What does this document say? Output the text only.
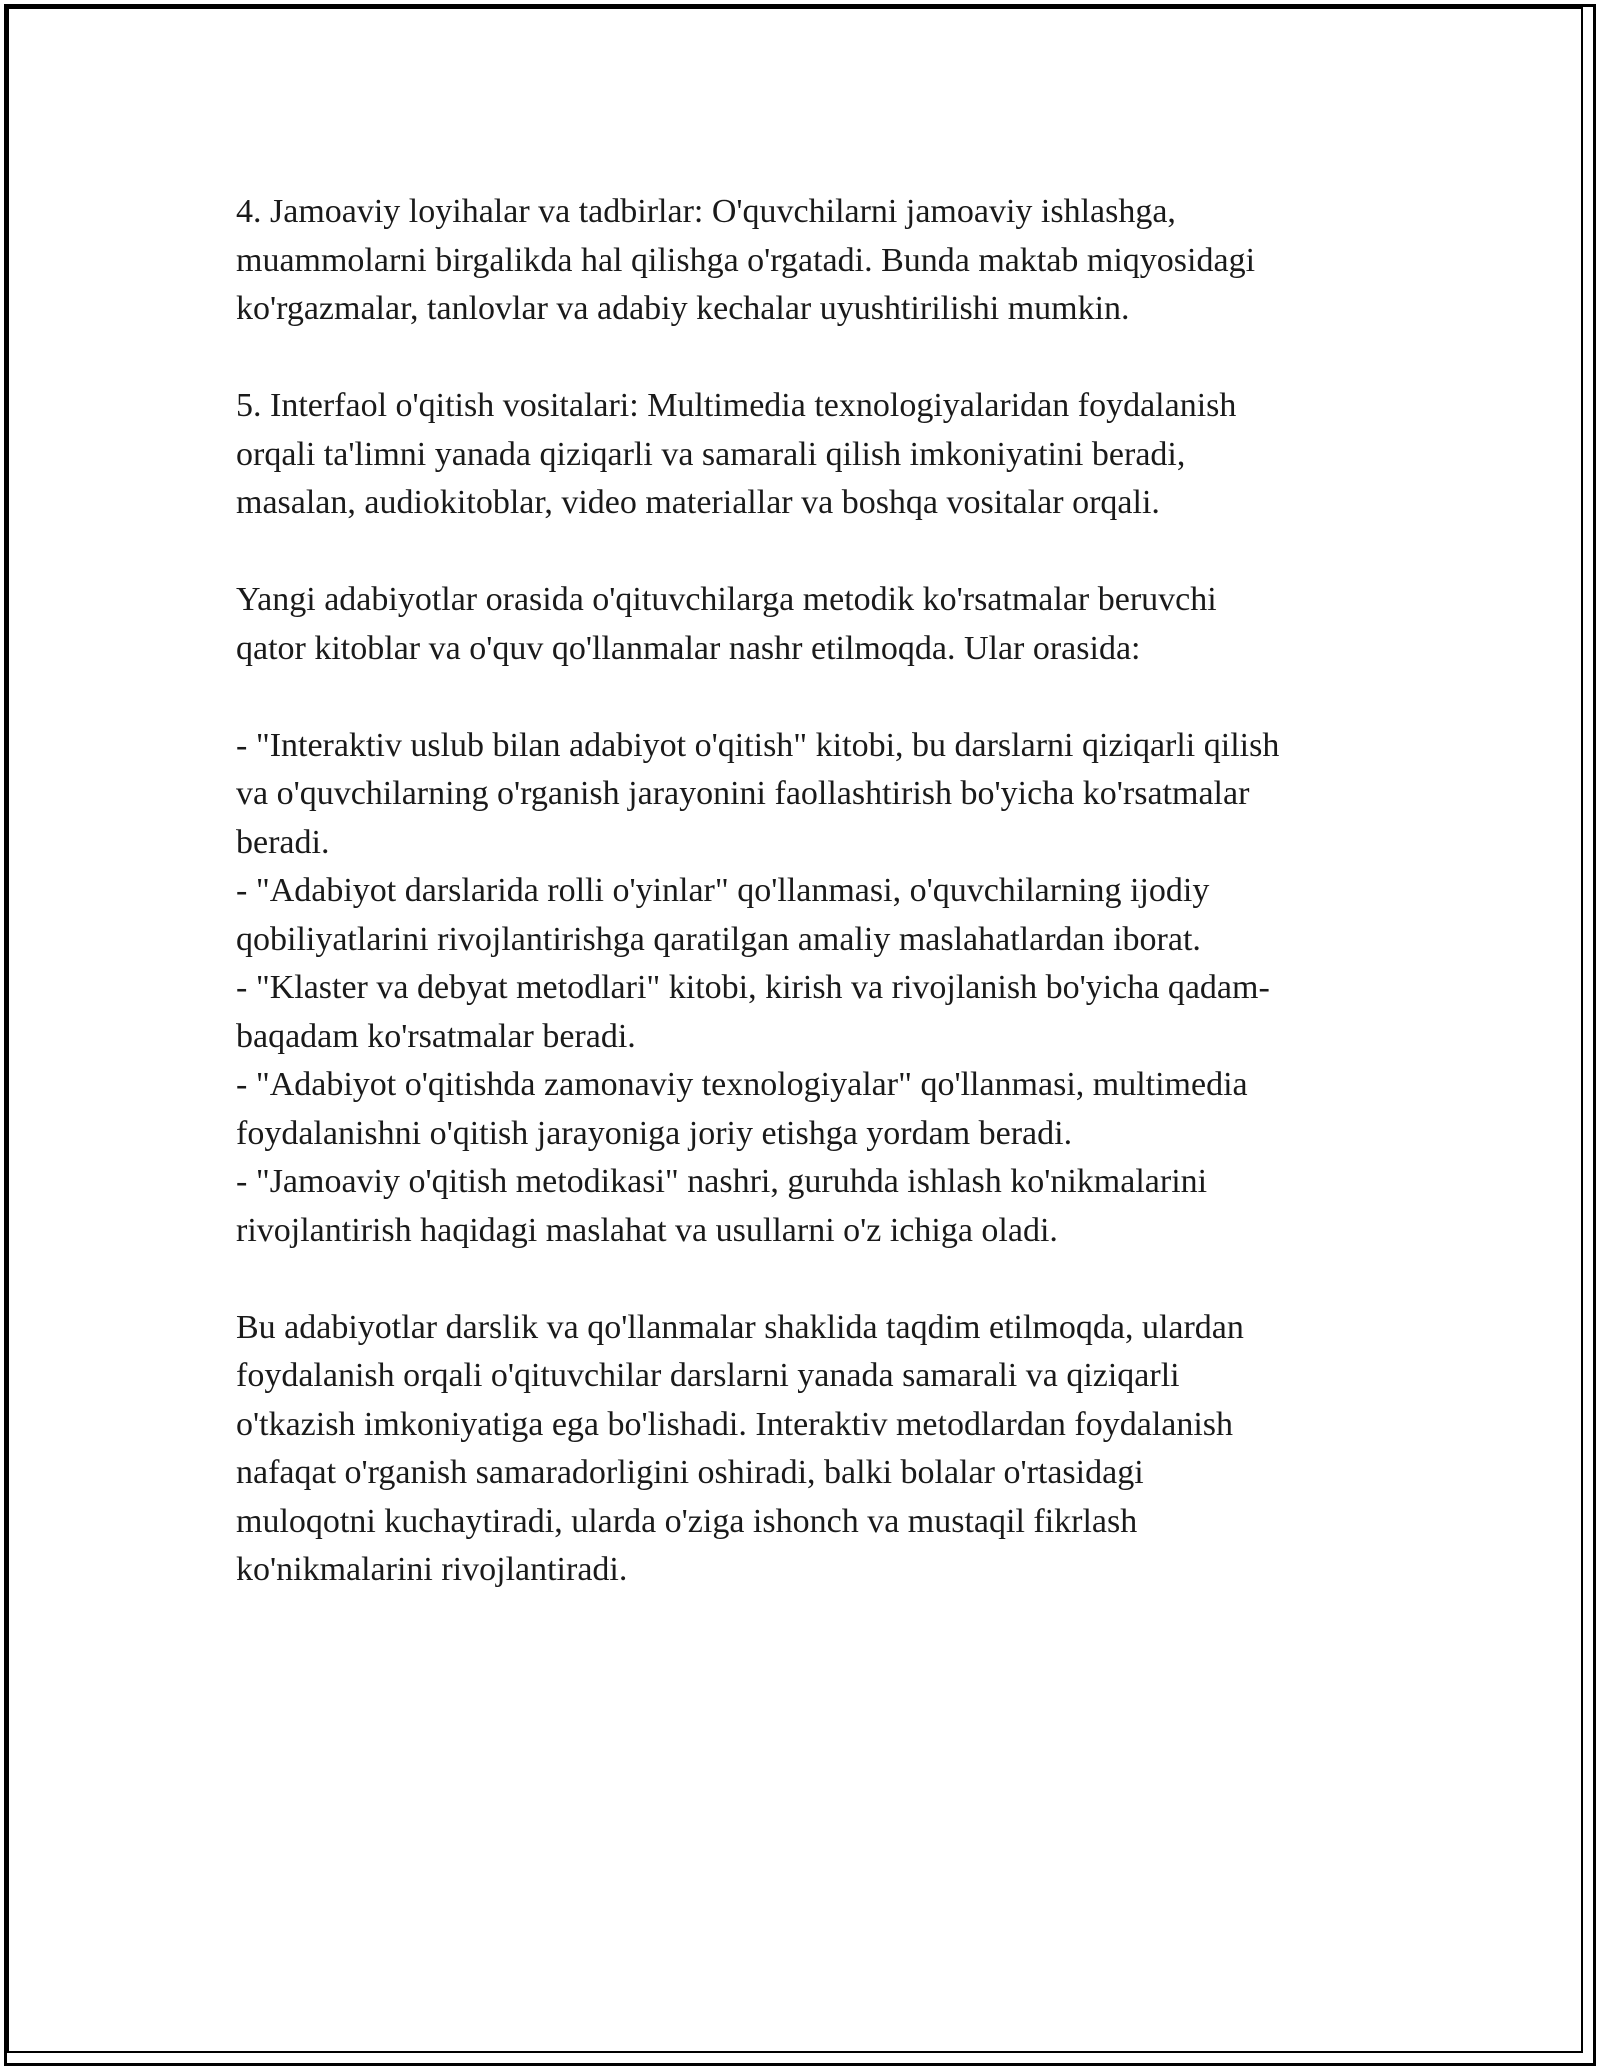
4. Jamoaviy loyihalar va tadbirlar: O'quvchilarni jamoaviy ishlashga,
muammolarni birgalikda hal qilishga o'rgatadi. Bunda maktab miqyosidagi
ko'rgazmalar, tanlovlar va adabiy kechalar uyushtirilishi mumkin.
5. Interfaol o'qitish vositalari: Multimedia texnologiyalaridan foydalanish
orqali ta'limni yanada qiziqarli va samarali qilish imkoniyatini beradi,
masalan, audiokitoblar, video materiallar va boshqa vositalar orqali.
Yangi adabiyotlar orasida o'qituvchilarga metodik ko'rsatmalar beruvchi
qator kitoblar va o'quv qo'llanmalar nashr etilmoqda. Ular orasida:
- "Interaktiv uslub bilan adabiyot o'qitish" kitobi, bu darslarni qiziqarli qilish
va o'quvchilarning o'rganish jarayonini faollashtirish bo'yicha ko'rsatmalar
beradi.
- "Adabiyot darslarida rolli o'yinlar" qo'llanmasi, o'quvchilarning ijodiy
qobiliyatlarini rivojlantirishga qaratilgan amaliy maslahatlardan iborat.
- "Klaster va debyat metodlari" kitobi, kirish va rivojlanish bo'yicha qadam-
baqadam ko'rsatmalar beradi.
- "Adabiyot o'qitishda zamonaviy texnologiyalar" qo'llanmasi, multimedia
foydalanishni o'qitish jarayoniga joriy etishga yordam beradi.
- "Jamoaviy o'qitish metodikasi" nashri, guruhda ishlash ko'nikmalarini
rivojlantirish haqidagi maslahat va usullarni o'z ichiga oladi.
Bu adabiyotlar darslik va qo'llanmalar shaklida taqdim etilmoqda, ulardan
foydalanish orqali o'qituvchilar darslarni yanada samarali va qiziqarli
o'tkazish imkoniyatiga ega bo'lishadi. Interaktiv metodlardan foydalanish
nafaqat o'rganish samaradorligini oshiradi, balki bolalar o'rtasidagi
muloqotni kuchaytiradi, ularda o'ziga ishonch va mustaqil fikrlash
ko'nikmalarini rivojlantiradi.
